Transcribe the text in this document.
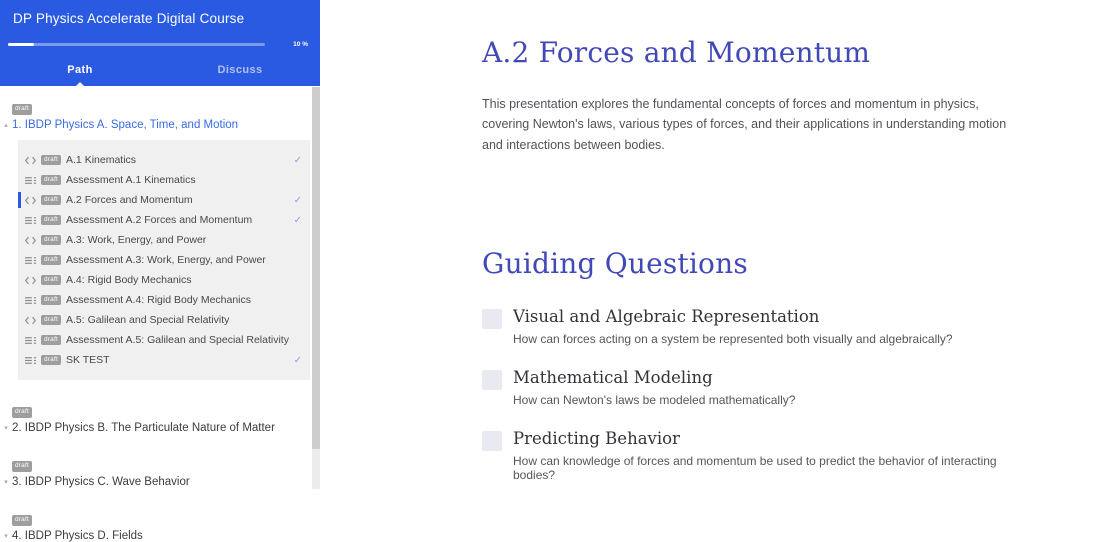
DP Physics Accelerate Digital Course
10 %
Path	Discuss
draft
▴ 1. IBDP Physics A. Space, Time, and Motion
draft A.1 Kinematics	✓
draft Assessment A.1 Kinematics
draft A.2 Forces and Momentum	✓
draft Assessment A.2 Forces and Momentum	✓
draft A.3: Work, Energy, and Power
draft Assessment A.3: Work, Energy, and Power
draft A.4: Rigid Body Mechanics
draft Assessment A.4: Rigid Body Mechanics
draft A.5: Galilean and Special Relativity
draft Assessment A.5: Galilean and Special Relativity
draft SK TEST	✓
draft
▾ 2. IBDP Physics B. The Particulate Nature of Matter
draft
▾ 3. IBDP Physics C. Wave Behavior
draft
▾ 4. IBDP Physics D. Fields
A.2 Forces and Momentum

This presentation explores the fundamental concepts of forces and momentum in physics, covering Newton's laws, various types of forces, and their applications in understanding motion and interactions between bodies.

Guiding Questions
Visual and Algebraic Representation
How can forces acting on a system be represented both visually and algebraically?
Mathematical Modeling
How can Newton's laws be modeled mathematically?
Predicting Behavior
How can knowledge of forces and momentum be used to predict the behavior of interacting bodies?
